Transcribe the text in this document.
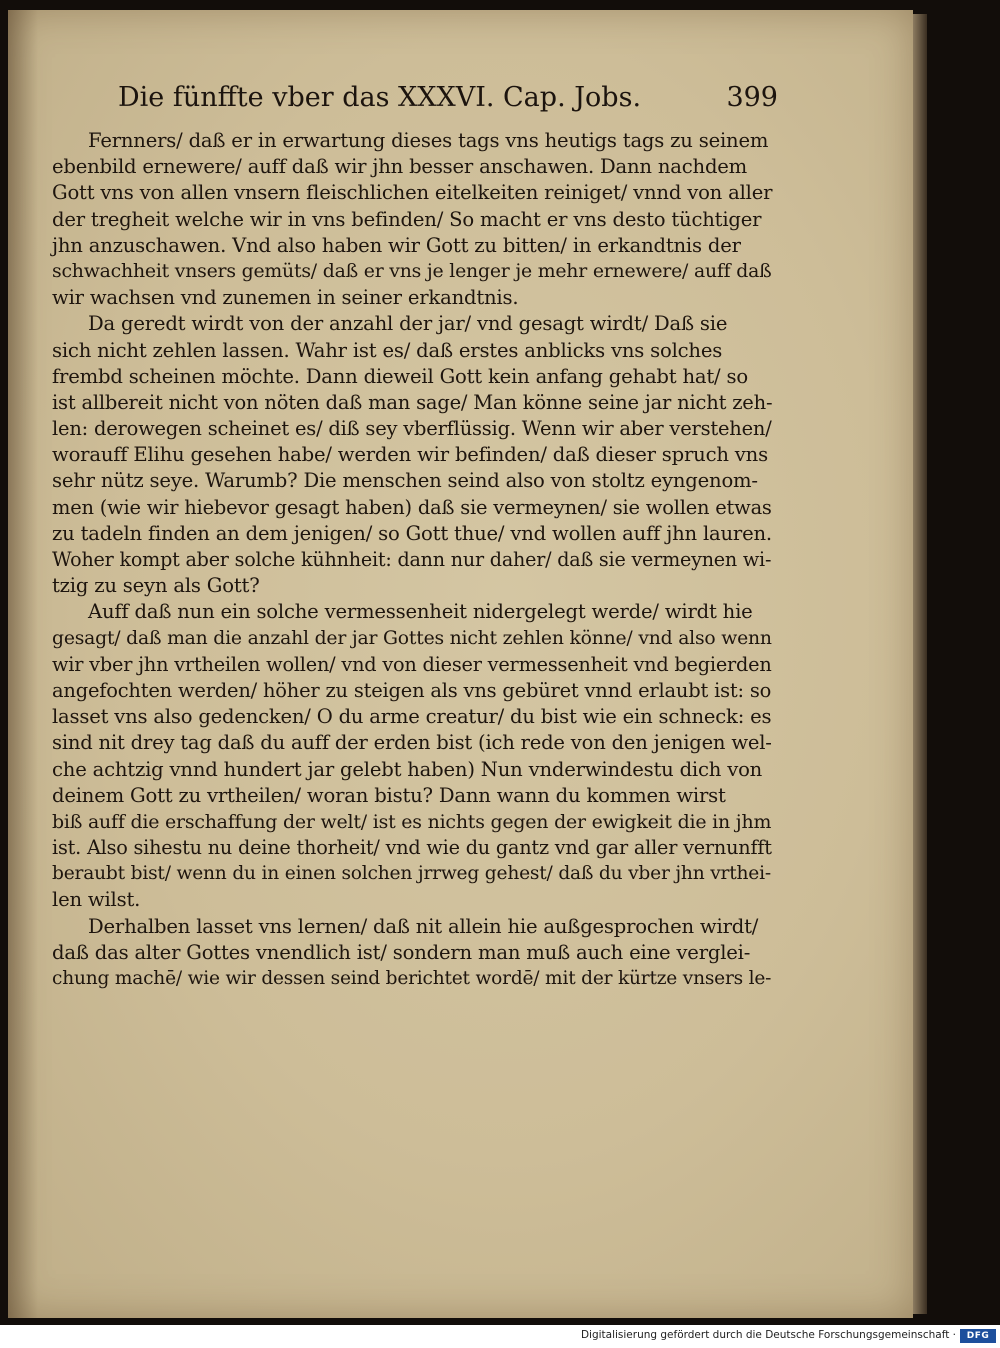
Die fünffte vber das XXXVI. Cap. Jobs.	399
Fernners/ daß er in erwartung dieses tags vns heutigs tags zu seinem
ebenbild ernewere/ auff daß wir jhn besser anschawen. Dann nachdem
Gott vns von allen vnsern fleischlichen eitelkeiten reiniget/ vnnd von aller
der tregheit welche wir in vns befinden/ So macht er vns desto tüchtiger
jhn anzuschawen. Vnd also haben wir Gott zu bitten/ in erkandtnis der
schwachheit vnsers gemüts/ daß er vns je lenger je mehr ernewere/ auff daß
wir wachsen vnd zunemen in seiner erkandtnis.
Da geredt wirdt von der anzahl der jar/ vnd gesagt wirdt/ Daß sie
sich nicht zehlen lassen. Wahr ist es/ daß erstes anblicks vns solches
frembd scheinen möchte. Dann dieweil Gott kein anfang gehabt hat/ so
ist allbereit nicht von nöten daß man sage/ Man könne seine jar nicht zeh-
len: derowegen scheinet es/ diß sey vberflüssig. Wenn wir aber verstehen/
worauff Elihu gesehen habe/ werden wir befinden/ daß dieser spruch vns
sehr nütz seye. Warumb? Die menschen seind also von stoltz eyngenom-
men (wie wir hiebevor gesagt haben) daß sie vermeynen/ sie wollen etwas
zu tadeln finden an dem jenigen/ so Gott thue/ vnd wollen auff jhn lauren.
Woher kompt aber solche kühnheit: dann nur daher/ daß sie vermeynen wi-
tzig zu seyn als Gott?
Auff daß nun ein solche vermessenheit nidergelegt werde/ wirdt hie
gesagt/ daß man die anzahl der jar Gottes nicht zehlen könne/ vnd also wenn
wir vber jhn vrtheilen wollen/ vnd von dieser vermessenheit vnd begierden
angefochten werden/ höher zu steigen als vns gebüret vnnd erlaubt ist: so
lasset vns also gedencken/ O du arme creatur/ du bist wie ein schneck: es
sind nit drey tag daß du auff der erden bist (ich rede von den jenigen wel-
che achtzig vnnd hundert jar gelebt haben) Nun vnderwindestu dich von
deinem Gott zu vrtheilen/ woran bistu? Dann wann du kommen wirst
biß auff die erschaffung der welt/ ist es nichts gegen der ewigkeit die in jhm
ist. Also sihestu nu deine thorheit/ vnd wie du gantz vnd gar aller vernunfft
beraubt bist/ wenn du in einen solchen jrrweg gehest/ daß du vber jhn vrthei-
len wilst.
Derhalben lasset vns lernen/ daß nit allein hie außgesprochen wirdt/
daß das alter Gottes vnendlich ist/ sondern man muß auch eine verglei-
chung machē/ wie wir dessen seind berichtet wordē/ mit der kürtze vnsers le-
Digitalisierung gefördert durch die Deutsche Forschungsgemeinschaft ·	DFG
